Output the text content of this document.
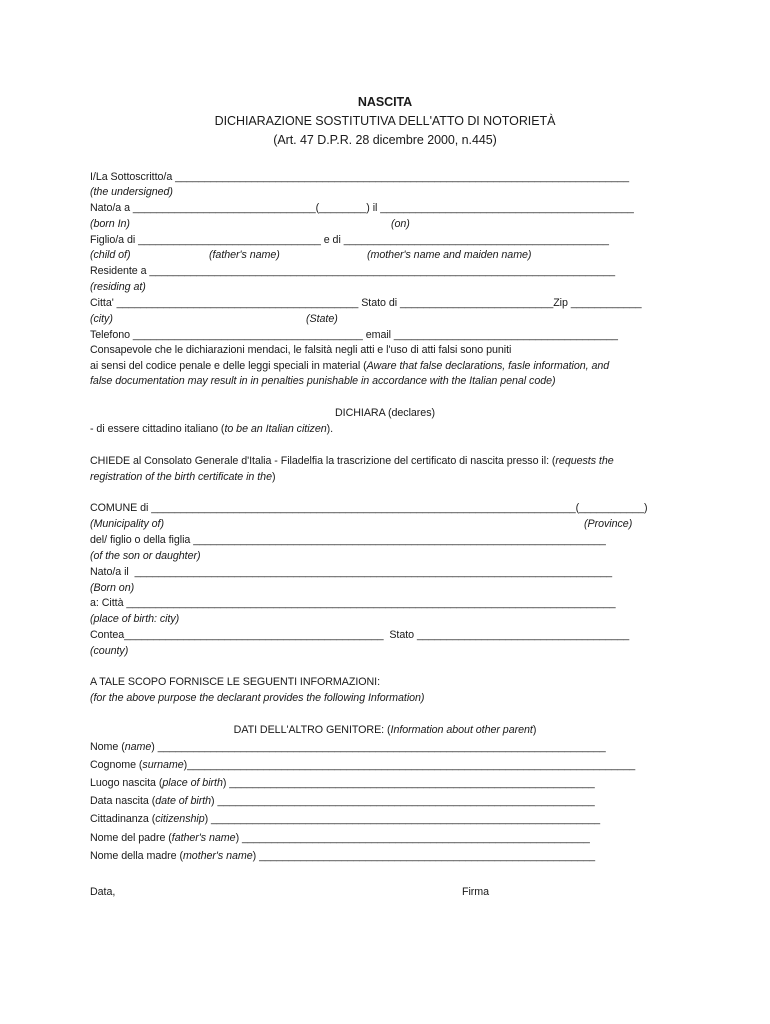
NASCITA
DICHIARAZIONE SOSTITUTIVA DELL'ATTO DI NOTORIETÀ
(Art. 47 D.P.R. 28 dicembre 2000, n.445)
I/La Sottoscritto/a _____________________________________________________________________________
(the undersigned)
Nato/a a _______________________________(________) il ___________________________________________
(born In)	(on)
Figlio/a di _______________________________ e di _____________________________________________
(child of)	(father's name)	(mother's name and maiden name)
Residente a _______________________________________________________________________________
(residing at)
Citta' _________________________________________ Stato di __________________________Zip ____________
(city)	(State)
Telefono _______________________________________ email ______________________________________
Consapevole che le dichiarazioni mendaci, le falsità negli atti e l'uso di atti falsi sono puniti
ai sensi del codice penale e delle leggi speciali in material (Aware that false declarations, fasle information, and
false documentation may result in in penalties punishable in accordance with the Italian penal code)
DICHIARA (declares)
- di essere cittadino italiano (to be an Italian citizen).
CHIEDE al Consolato Generale d'Italia - Filadelfia la trascrizione del certificato di nascita presso il: (requests the
registration of the birth certificate in the)
COMUNE di ________________________________________________________________________(___________)
(Municipality of)	(Province)
del/ figlio o della figlia ______________________________________________________________________
(of the son or daughter)
Nato/a il  _________________________________________________________________________________
(Born on)
a: Città ___________________________________________________________________________________
(place of birth: city)
Contea____________________________________________  Stato ____________________________________
(county)
A TALE SCOPO FORNISCE LE SEGUENTI INFORMAZIONI:
(for the above purpose the declarant provides the following Information)
DATI DELL'ALTRO GENITORE: (Information about other parent)
Nome (name) ____________________________________________________________________________
Cognome (surname)____________________________________________________________________________
Luogo nascita (place of birth) ______________________________________________________________
Data nascita (date of birth) ________________________________________________________________
Cittadinanza (citizenship) __________________________________________________________________
Nome del padre (father's name) ___________________________________________________________
Nome della madre (mother's name) _________________________________________________________
Data,	Firma
